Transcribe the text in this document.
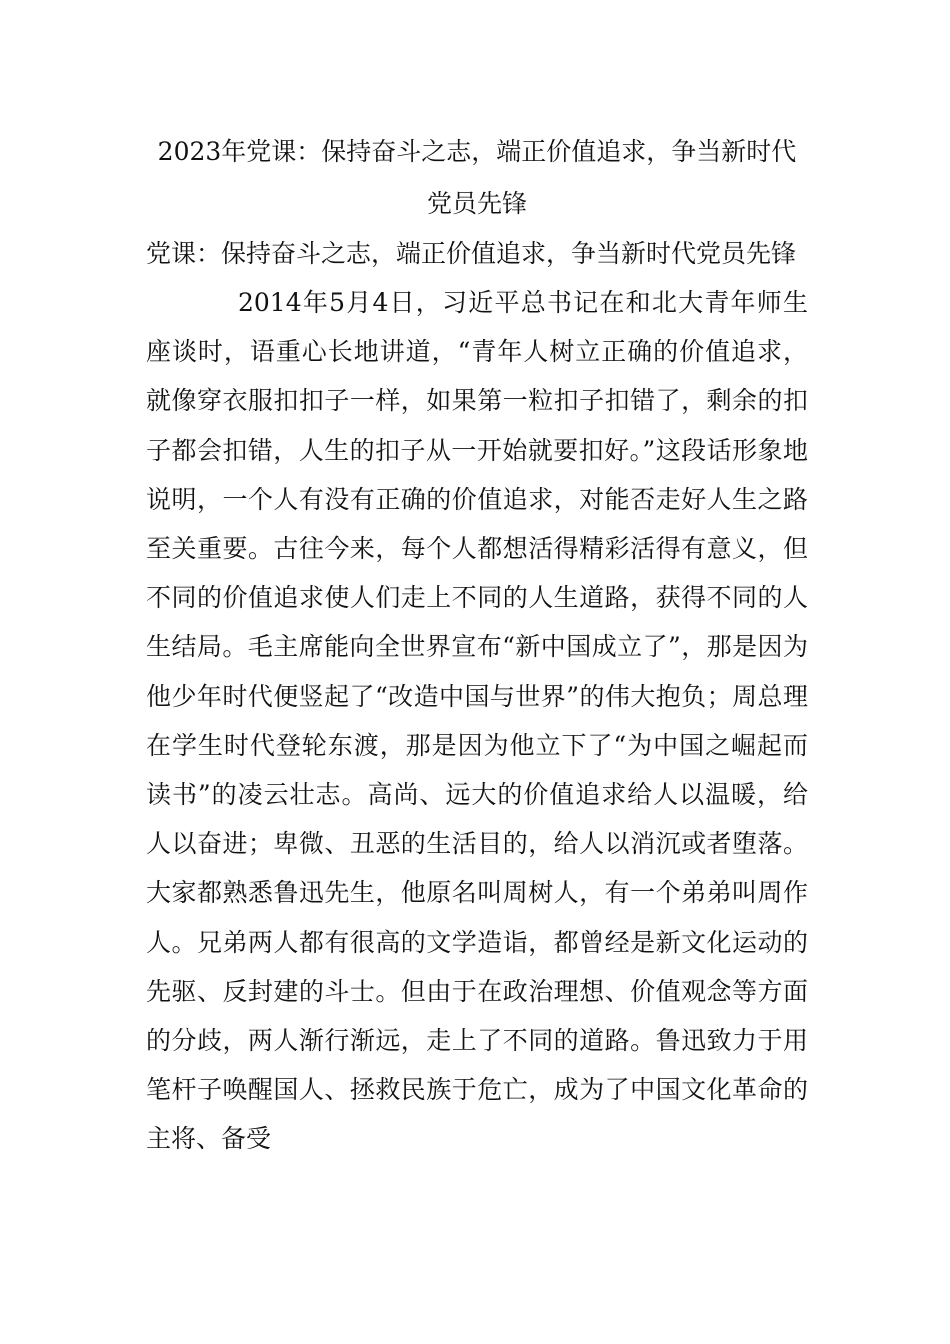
2023年党课：保持奋斗之志，端正价值追求，争当新时代党员先锋

党课：保持奋斗之志，端正价值追求，争当新时代党员先锋

2014年5月4日，习近平总书记在和北大青年师生座谈时，语重心长地讲道，“青年人树立正确的价值追求，就像穿衣服扣扣子一样，如果第一粒扣子扣错了，剩余的扣子都会扣错，人生的扣子从一开始就要扣好。”这段话形象地说明，一个人有没有正确的价值追求，对能否走好人生之路至关重要。古往今来，每个人都想活得精彩活得有意义，但不同的价值追求使人们走上不同的人生道路，获得不同的人生结局。毛主席能向全世界宣布“新中国成立了”，那是因为他少年时代便竖起了“改造中国与世界”的伟大抱负；周总理在学生时代登轮东渡，那是因为他立下了“为中国之崛起而读书”的凌云壮志。高尚、远大的价值追求给人以温暖，给人以奋进；卑微、丑恶的生活目的，给人以消沉或者堕落。大家都熟悉鲁迅先生，他原名叫周树人，有一个弟弟叫周作人。兄弟两人都有很高的文学造诣，都曾经是新文化运动的先驱、反封建的斗士。但由于在政治理想、价值观念等方面的分歧，两人渐行渐远，走上了不同的道路。鲁迅致力于用笔杆子唤醒国人、拯救民族于危亡，成为了中国文化革命的主将、备受
